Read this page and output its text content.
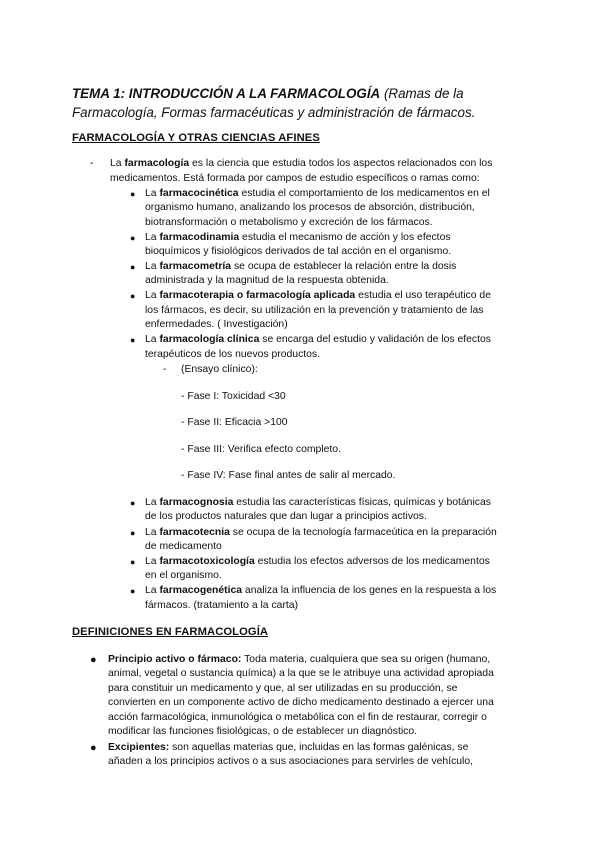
TEMA 1: INTRODUCCIÓN A LA FARMACOLOGÍA (Ramas de la Farmacología, Formas farmacéuticas y administración de fármacos.
FARMACOLOGÍA Y OTRAS CIENCIAS AFINES
- La farmacología es la ciencia que estudia todos los aspectos relacionados con los

medicamentos. Está formada por campos de estudio específicos o ramas como:

● La farmacocinética estudia el comportamiento de los medicamentos en el

organismo humano, analizando los procesos de absorción, distribución,

biotransformación o metabolismo y excreción de los fármacos.

● La farmacodinamia estudia el mecanismo de acción y los efectos

bioquímicos y fisiológicos derivados de tal acción en el organismo.

● La farmacometría se ocupa de establecer la relación entre la dosis

administrada y la magnitud de la respuesta obtenida.

● La farmacoterapia o farmacología aplicada estudia el uso terapéutico de

los fármacos, es decir, su utilización en la prevención y tratamiento de las

enfermedades. ( Investigación)

● La farmacología clínica se encarga del estudio y validación de los efectos

terapéuticos de los nuevos productos.

- (Ensayo clínico):

- Fase I: Toxicidad <30

- Fase II: Eficacia >100

- Fase III: Verifica efecto completo.

- Fase IV: Fase final antes de salir al mercado.

● La farmacognosia estudia las características físicas, químicas y botánicas

de los productos naturales que dan lugar a principios activos.

● La farmacotecnia se ocupa de la tecnología farmaceútica en la preparación

de medicamento

● La farmacotoxicología estudia los efectos adversos de los medicamentos

en el organismo.

● La farmacogenética analiza la influencia de los genes en la respuesta a los

fármacos. (tratamiento a la carta)

DEFINICIONES EN FARMACOLOGÍA
● Principio activo o fármaco: Toda materia, cualquiera que sea su origen (humano,

animal, vegetal o sustancia química) a la que se le atribuye una actividad apropiada

para constituir un medicamento y que, al ser utilizadas en su producción, se

convierten en un componente activo de dicho medicamento destinado a ejercer una

acción farmacológica, inmunológica o metabólica con el fin de restaurar, corregir o

modificar las funciones fisiológicas, o de establecer un diagnóstico.

● Excipientes: son aquellas materias que, incluidas en las formas galénicas, se

añaden a los principios activos o a sus asociaciones para servirles de vehículo,
